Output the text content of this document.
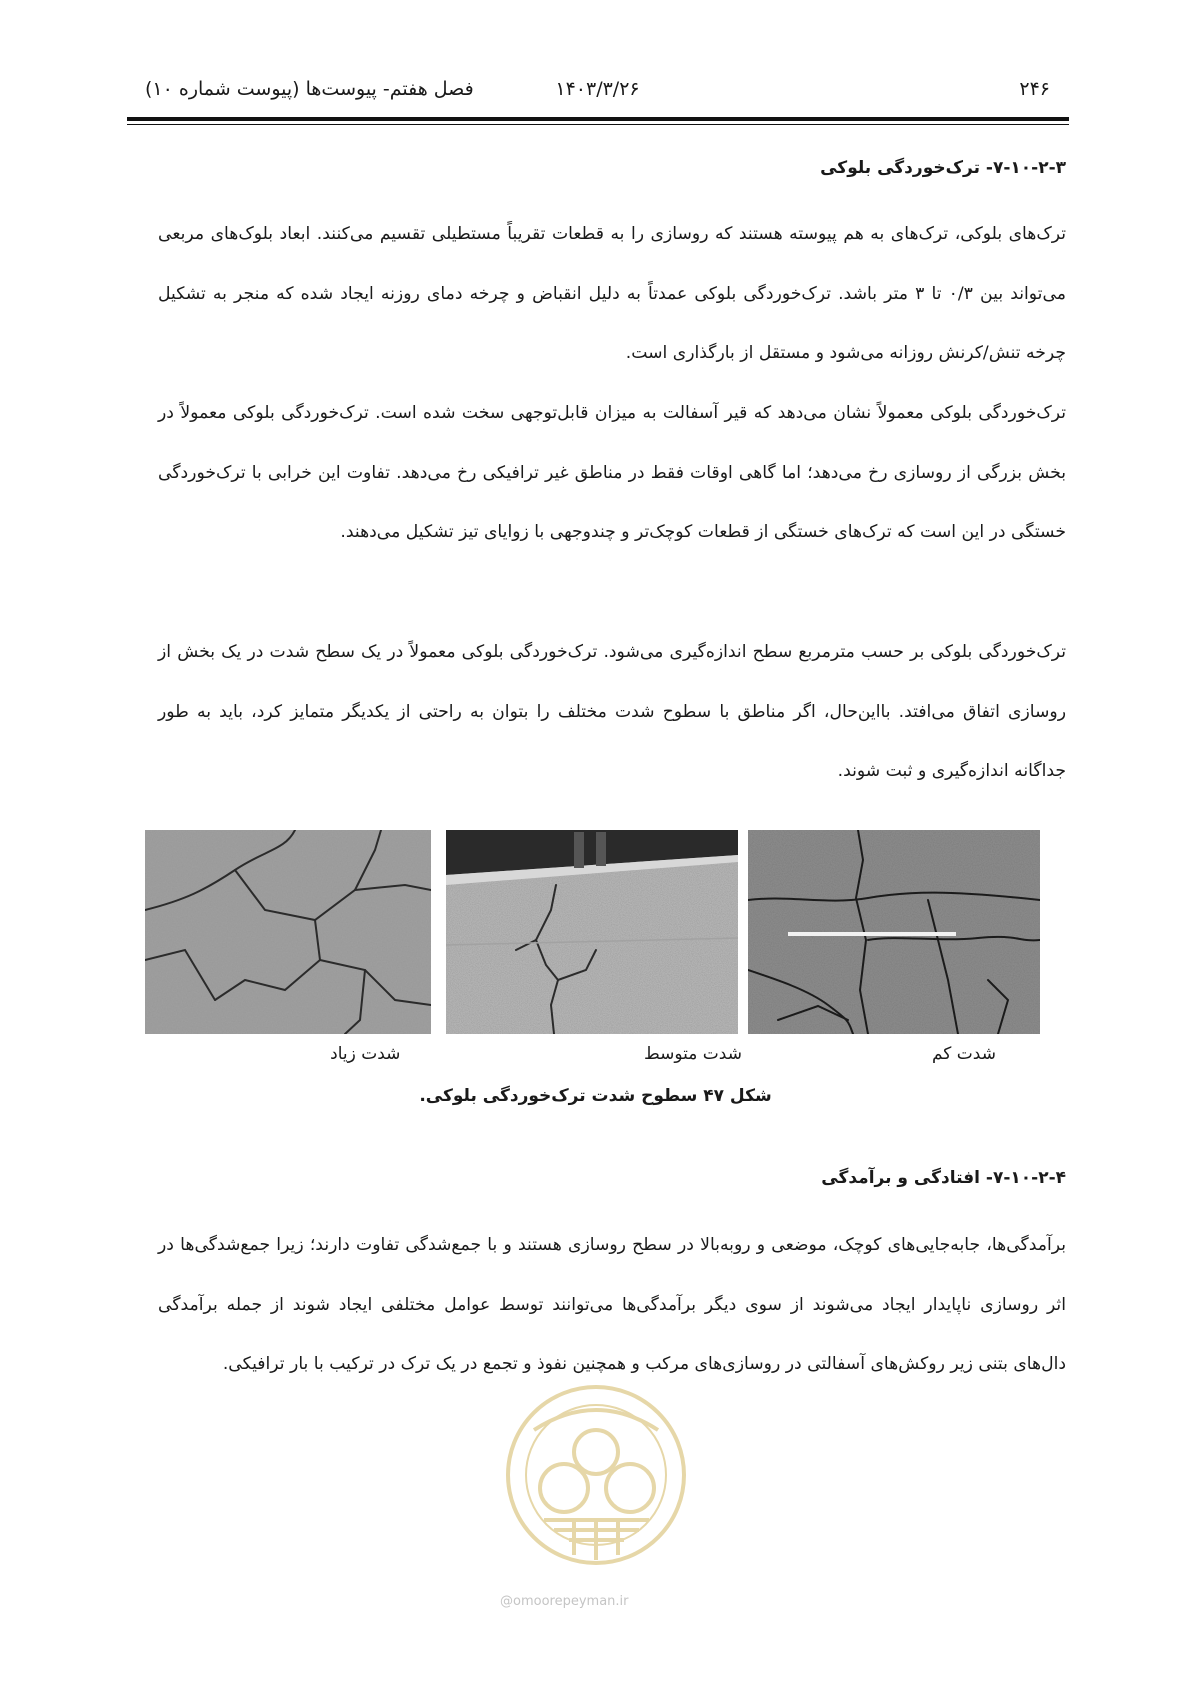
۲۴۶
۱۴۰۳/۳/۲۶
فصل هفتم- پیوست‌ها (پیوست شماره ۱۰)
۷-۱۰-۲-۳- ترک‌خوردگی بلوکی

ترک‌های بلوکی، ترک‌های به هم پیوسته هستند که روسازی را به قطعات تقریباً مستطیلی تقسیم می‌کنند. ابعاد بلوک‌های مربعی می‌تواند بین ۰/۳ تا ۳ متر باشد. ترک‌خوردگی بلوکی عمدتاً به دلیل انقباض و چرخه دمای روزنه ایجاد شده که منجر به تشکیل چرخه تنش/کرنش روزانه می‌شود و مستقل از بارگذاری است.

ترک‌خوردگی بلوکی معمولاً نشان می‌دهد که قیر آسفالت به میزان قابل‌توجهی سخت شده است. ترک‌خوردگی بلوکی معمولاً در بخش بزرگی از روسازی رخ می‌دهد؛ اما گاهی اوقات فقط در مناطق غیر ترافیکی رخ می‌دهد. تفاوت این خرابی با ترک‌خوردگی خستگی در این است که ترک‌های خستگی از قطعات کوچک‌تر و چندوجهی با زوایای تیز تشکیل می‌دهند.

ترک‌خوردگی بلوکی بر حسب مترمربع سطح اندازه‌گیری می‌شود. ترک‌خوردگی بلوکی معمولاً در یک سطح شدت در یک بخش از روسازی اتفاق می‌افتد. بااین‌حال، اگر مناطق با سطوح شدت مختلف را بتوان به راحتی از یکدیگر متمایز کرد، باید به طور جداگانه اندازه‌گیری و ثبت شوند.

شدت کم
شدت متوسط
شدت زیاد
شکل ۴۷ سطوح شدت ترک‌خوردگی بلوکی.
۷-۱۰-۲-۴- افتادگی و برآمدگی

برآمدگی‌ها، جابه‌جایی‌های کوچک، موضعی و روبه‌بالا در سطح روسازی هستند و با جمع‌شدگی تفاوت دارند؛ زیرا جمع‌شدگی‌ها در اثر روسازی ناپایدار ایجاد می‌شوند از سوی دیگر برآمدگی‌ها می‌توانند توسط عوامل مختلفی ایجاد شوند از جمله برآمدگی دال‌های بتنی زیر روکش‌های آسفالتی در روسازی‌های مرکب و همچنین نفوذ و تجمع در یک ترک در ترکیب با بار ترافیکی.

@omoorepeyman.ir
